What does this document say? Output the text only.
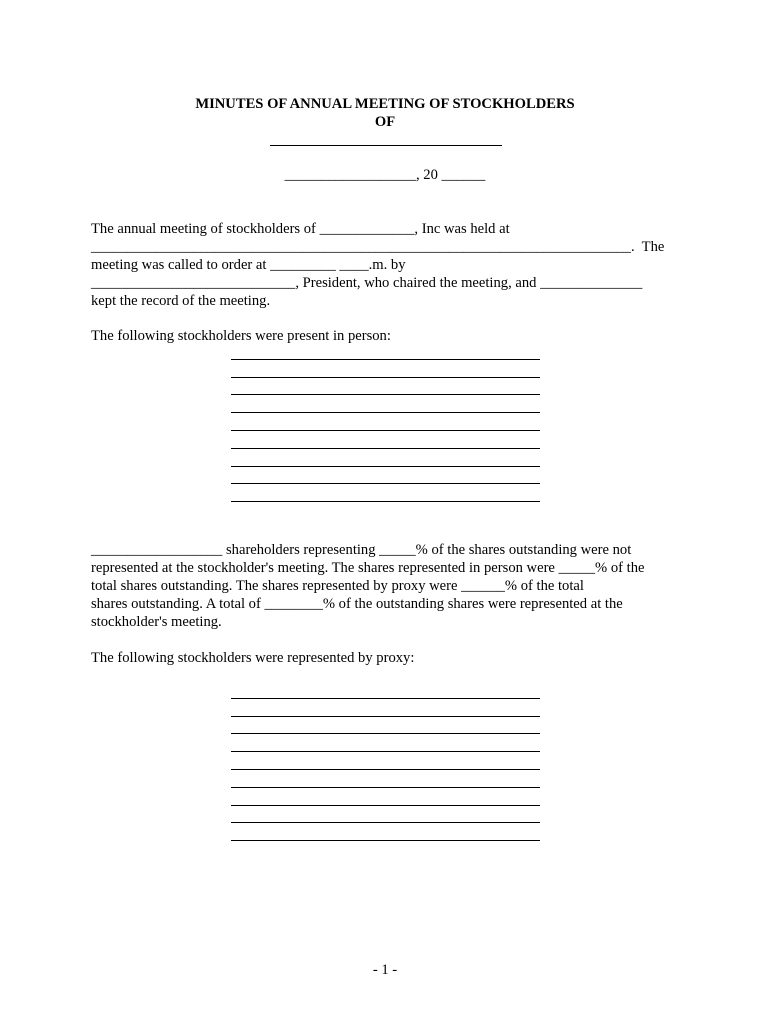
MINUTES OF ANNUAL MEETING OF STOCKHOLDERS
OF
__________________, 20 ______
The annual meeting of stockholders of _____________, Inc was held at
__________________________________________________________________________.  The
meeting was called to order at _________ ____.m. by
____________________________, President, who chaired the meeting, and ______________
kept the record of the meeting.
The following stockholders were present in person:
__________________ shareholders representing _____% of the shares outstanding were not
represented at the stockholder's meeting. The shares represented in person were _____% of the
total shares outstanding. The shares represented by proxy were ______% of the total
shares outstanding. A total of ________% of the outstanding shares were represented at the
stockholder's meeting.
The following stockholders were represented by proxy:
- 1 -
